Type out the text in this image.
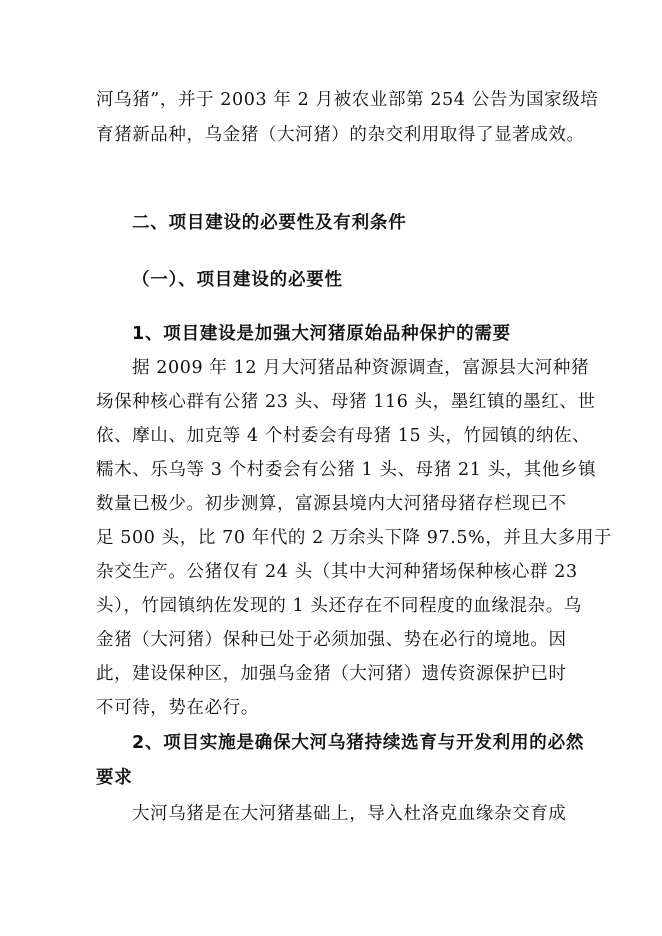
河乌猪”，并于 2003 年 2 月被农业部第 254 公告为国家级培
育猪新品种，乌金猪（大河猪）的杂交利用取得了显著成效。
二、项目建设的必要性及有利条件
（一）、项目建设的必要性
1、项目建设是加强大河猪原始品种保护的需要
据 2009 年 12 月大河猪品种资源调查，富源县大河种猪
场保种核心群有公猪 23 头、母猪 116 头，墨红镇的墨红、世
依、摩山、加克等 4 个村委会有母猪 15 头，竹园镇的纳佐、
糯木、乐乌等 3 个村委会有公猪 1 头、母猪 21 头，其他乡镇
数量已极少。初步测算，富源县境内大河猪母猪存栏现已不
足 500 头，比 70 年代的 2 万余头下降 97.5%，并且大多用于
杂交生产。公猪仅有 24 头（其中大河种猪场保种核心群 23
头），竹园镇纳佐发现的 1 头还存在不同程度的血缘混杂。乌
金猪（大河猪）保种已处于必须加强、势在必行的境地。因
此，建设保种区，加强乌金猪（大河猪）遗传资源保护已时
不可待，势在必行。
2、项目实施是确保大河乌猪持续选育与开发利用的必然
要求
大河乌猪是在大河猪基础上，导入杜洛克血缘杂交育成
